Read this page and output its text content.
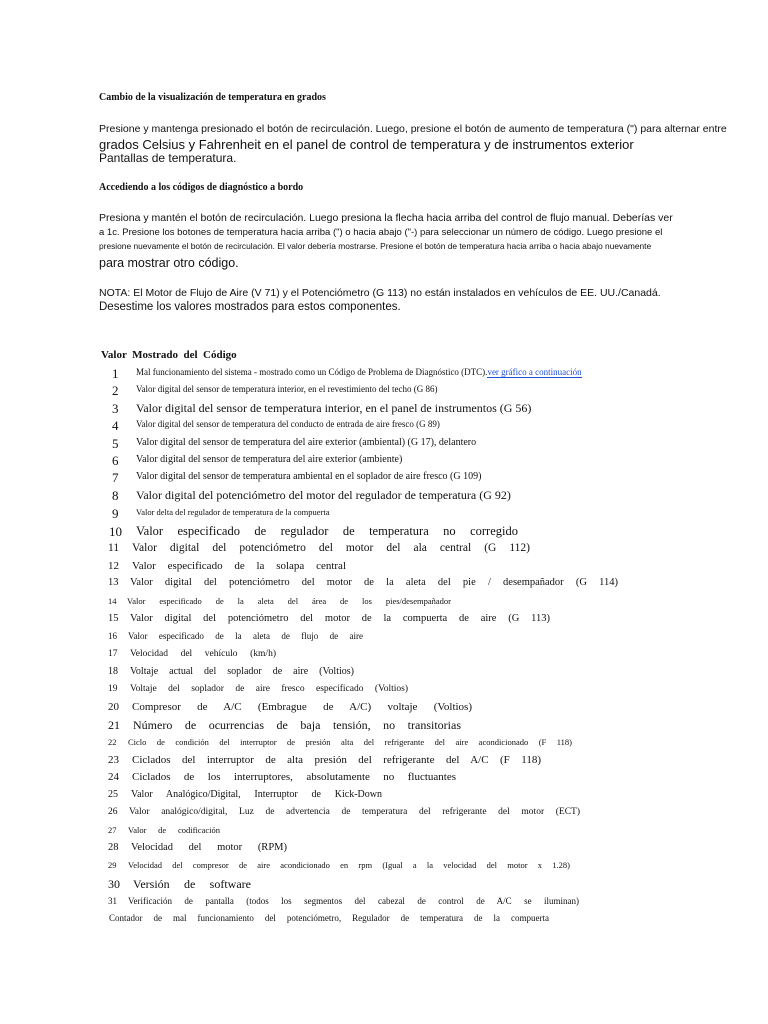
Cambio de la visualización de temperatura en grados
Presione y mantenga presionado el botón de recirculación. Luego, presione el botón de aumento de temperatura (") para alternar entre
grados Celsius y Fahrenheit en el panel de control de temperatura y de instrumentos exterior
Pantallas de temperatura.
Accediendo a los códigos de diagnóstico a bordo
Presiona y mantén el botón de recirculación. Luego presiona la flecha hacia arriba del control de flujo manual. Deberías ver
a 1c. Presione los botones de temperatura hacia arriba (") o hacia abajo ("-) para seleccionar un número de código. Luego presione el
presione nuevamente el botón de recirculación. El valor debería mostrarse. Presione el botón de temperatura hacia arriba o hacia abajo nuevamente
para mostrar otro código.
NOTA: El Motor de Flujo de Aire (V 71) y el Potenciómetro (G 113) no están instalados en vehículos de EE. UU./Canadá.
Desestime los valores mostrados para estos componentes.
Valor  Mostrado  del  Código
1 Mal funcionamiento del sistema - mostrado como un Código de Problema de Diagnóstico (DTC).ver gráfico a continuación
2 Valor digital del sensor de temperatura interior, en el revestimiento del techo (G 86)
3 Valor digital del sensor de temperatura interior, en el panel de instrumentos (G 56)
4 Valor digital del sensor de temperatura del conducto de entrada de aire fresco (G 89)
5 Valor digital del sensor de temperatura del aire exterior (ambiental) (G 17), delantero
6 Valor digital del sensor de temperatura del aire exterior (ambiente)
7 Valor digital del sensor de temperatura ambiental en el soplador de aire fresco (G 109)
8 Valor digital del potenciómetro del motor del regulador de temperatura (G 92)
9 Valor delta del regulador de temperatura de la compuerta
10 Valor especificado de regulador de temperatura no corregido
11 Valor digital del potenciómetro del motor del ala central (G 112)
12 Valor especificado de la solapa central
13 Valor digital del potenciómetro del motor de la aleta del pie / desempañador (G 114)
14 Valor especificado de la aleta del área de los pies/desempañador
15 Valor digital del potenciómetro del motor de la compuerta de aire (G 113)
16 Valor especificado de la aleta de flujo de aire
17 Velocidad del vehículo (km/h)
18 Voltaje actual del soplador de aire (Voltios)
19 Voltaje del soplador de aire fresco especificado (Voltios)
20 Compresor de A/C (Embrague de A/C) voltaje (Voltios)
21 Número de ocurrencias de baja tensión, no transitorias
22 Ciclo de condición del interruptor de presión alta del refrigerante del aire acondicionado (F 118)
23 Ciclados del interruptor de alta presión del refrigerante del A/C (F 118)
24 Ciclados de los interruptores, absolutamente no fluctuantes
25 Valor Analógico/Digital, Interruptor de Kick-Down
26 Valor analógico/digital, Luz de advertencia de temperatura del refrigerante del motor (ECT)
27 Valor de codificación
28 Velocidad del motor (RPM)
29 Velocidad del compresor de aire acondicionado en rpm (Igual a la velocidad del motor x 1.28)
30 Versión de software
31 Verificación de pantalla (todos los segmentos del cabezal de control de A/C se iluminan)
Contador de mal funcionamiento del potenciómetro, Regulador de temperatura de la compuerta
